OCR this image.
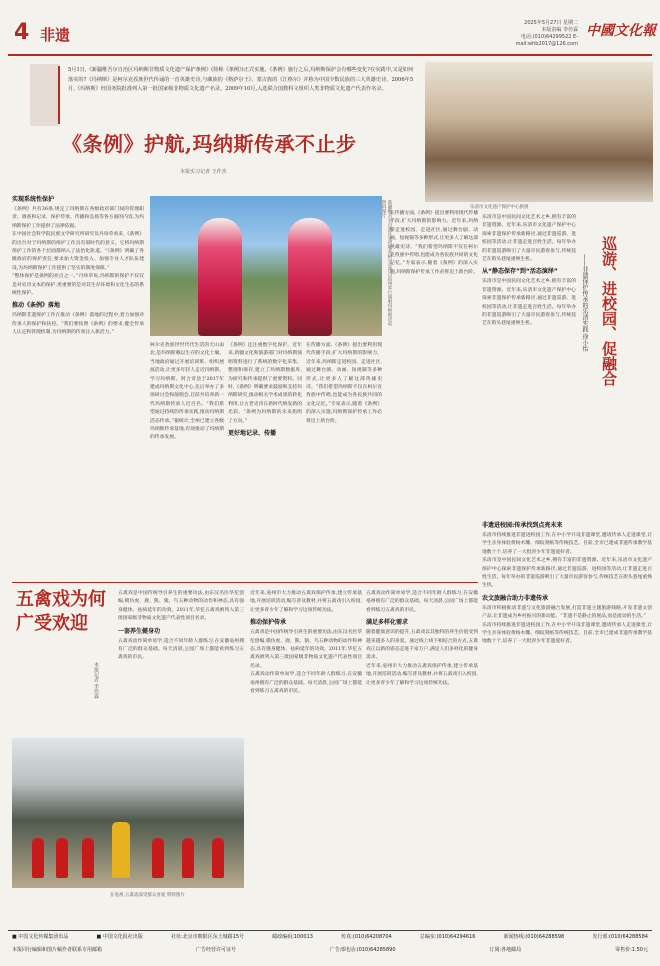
4 非遗
2025年5月27日 星期二
本版责编 李佳霖
电话:(010)64299522 E-mail:whb2017@126.com
中國文化報
5月1日,《新疆维吾尔自治区玛纳斯非物质文化遗产保护条例》(简称《条例》)正式实施。《条例》施行之后,玛纳斯保护会有哪些变化?在实践中,又是如何落实的?《玛纳斯》是柯尔克孜族世代传诵的一首英雄史诗,与藏族的《格萨尔王》、蒙古族的《江格尔》并称为中国少数民族的三大英雄史诗。2006年5月,《玛纳斯》经国务院批准列入第一批国家级非物质文化遗产名录。2009年10月,入选联合国教科文组织人类非物质文化遗产代表作名录。
乐清市文化遗产保护中心供图
《条例》护航,玛纳斯传承不止步
本报实习记者 王作杰
新疆维吾尔自治区克孜勒苏柯尔克孜自治州举行演唱玛纳斯活动 资料图片
实现系统性保护

《条例》共有36条,规定了玛纳斯在各级政府部门间的管理职责、调查和记录、保护传承、传播和弘扬等各方面的内容,为玛纳斯保护工作提供了法律依据。

在中国社会科学院民族文学研究所研究员丹珍草看来,《条例》的出台对于玛纳斯的保护工作具有划时代的意义。它将玛纳斯保护工作的各个层面都纳入了法治化轨道。“《条例》明确了各级政府的保护责任,要求加大资金投入、加强专业人才队伍建设,为玛纳斯保护工作提供了坚实的制度保障。”

“整体保护是条例的亮点之一。”丹珍草说,玛纳斯的保护不仅仅是对史诗文本的保护,更重要的是对其生存环境和文化生态的系统性保护。

推动《条例》落地

玛纳斯非遗保护工作在推动《条例》落地的过程中,着力加强对传承人的保护和扶持。“我们要按照《条例》的要求,健全传承人认定和管理机制,为玛纳斯的传承注入新活力。”

柯尔克孜族世世代代生活的天山南北,是玛纳斯赖以生存的文化土壤。当地政府通过开展培训班、组织展演活动,让更多年轻人走近玛纳斯、学习玛纳斯。阿合奇县于2017年建成玛纳斯文化中心,先后举办了多场研讨会和演唱会,目前共培养新一代玛纳斯传承人近百名。“我们希望通过持续的传承实践,推动玛纳斯活态传承。”据统计,全州已建立各级玛纳斯传承基地,有效推动了玛纳斯的传承发展。

《条例》还注重数字化保护。近年来,新疆文化和旅游部门对玛纳斯演唱资料进行了系统的数字化采集、整理和保存,建立了玛纳斯数据库,为研究和传承提供了重要资料。同时,《条例》明确要求鼓励和支持玛纳斯研究,推动相关学术成果的转化利用,让古老史诗在新时代焕发新的光彩。“条例为玛纳斯的未来指明了方向。”

更好地记录、传播
在传播方面,《条例》提出要利用现代传播手段,扩大玛纳斯的影响力。近年来,玛纳斯走进校园、走进社区,通过舞台剧、动画、短视频等多种形式,让更多人了解这部英雄史诗。“我们希望玛纳斯不仅在柯尔克孜族中传唱,也能成为各民族共同的文化记忆。”专家表示,随着《条例》的深入实施,玛纳斯保护传承工作必将迈上新台阶。
在传播方面,《条例》提出要利用现代传播手段,扩大玛纳斯的影响力。近年来,玛纳斯走进校园、走进社区,通过舞台剧、动画、短视频等多种形式,让更多人了解这部英雄史诗。“我们希望玛纳斯不仅在柯尔克孜族中传唱,也能成为各民族共同的文化记忆。”专家表示,随着《条例》的深入实施,玛纳斯保护传承工作必将迈上新台阶。

乐清市是中国民间文化艺术之乡,拥有丰富的非遗资源。近年来,乐清市文化遗产保护中心探索非遗保护传承新路径,通过非遗巡游、进校园等活动,让非遗走进百姓生活。每年举办的非遗巡游吸引了大量市民游客参与,传统技艺在街头巷尾重焕生机。

从“静态保存”到“活态演绎”

乐清市是中国民间文化艺术之乡,拥有丰富的非遗资源。近年来,乐清市文化遗产保护中心探索非遗保护传承新路径,通过非遗巡游、进校园等活动,让非遗走进百姓生活。每年举办的非遗巡游吸引了大量市民游客参与,传统技艺在街头巷尾重焕生机。	巡游、进校园、促融合
——非遗保护传承的乐清实践 徐小怡
非遗进校园:传承找到点亮未来

乐清市持续推进非遗进校园工作,在中小学开设非遗课堂,邀请传承人走进课堂,让学生亲身体验黄杨木雕、细纹刻纸等传统技艺。目前,全市已建成非遗传承教学基地数十个,培养了一大批青少年非遗爱好者。

乐清市是中国民间文化艺术之乡,拥有丰富的非遗资源。近年来,乐清市文化遗产保护中心探索非遗保护传承新路径,通过非遗巡游、进校园等活动,让非遗走进百姓生活。每年举办的非遗巡游吸引了大量市民游客参与,传统技艺在街头巷尾重焕生机。

农文旅融合助力非遗传承

乐清市积极推动非遗与文化旅游融合发展,打造非遗主题旅游线路,开发非遗文创产品,让非遗成为乡村振兴的新动能。“非遗不是静止的展品,而是流动的生活。”

乐清市持续推进非遗进校园工作,在中小学开设非遗课堂,邀请传承人走进课堂,让学生亲身体验黄杨木雕、细纹刻纸等传统技艺。目前,全市已建成非遗传承教学基地数十个,培养了一大批青少年非遗爱好者。

五禽戏为何广受欢迎
本报记者 李佳霖

五禽戏是中国传统导引养生的重要功法,由东汉名医华佗创编,模仿虎、鹿、熊、猿、鸟五种动物的动作和神态,具有强身健体、祛病延年的功效。2011年,华佗五禽戏被列入第三批国家级非物质文化遗产代表性项目名录。

一套养生健身功

五禽戏动作简单易学,适合不同年龄人群练习,在安徽亳州拥有广泛的群众基础。每天清晨,公园广场上都能看到练习五禽戏的市民。

近年来,亳州市大力推动五禽戏保护传承,建立传承基地,开展培训活动,编写普及教材,并将五禽戏引入校园,让更多青少年了解和学习这项传统功法。

推动保护传承

五禽戏是中国传统导引养生的重要功法,由东汉名医华佗创编,模仿虎、鹿、熊、猿、鸟五种动物的动作和神态,具有强身健体、祛病延年的功效。2011年,华佗五禽戏被列入第三批国家级非物质文化遗产代表性项目名录。

五禽戏动作简单易学,适合不同年龄人群练习,在安徽亳州拥有广泛的群众基础。每天清晨,公园广场上都能看到练习五禽戏的市民。

五禽戏动作简单易学,适合不同年龄人群练习,在安徽亳州拥有广泛的群众基础。每天清晨,公园广场上都能看到练习五禽戏的市民。

满足多样化需求

随着健康意识的提升,五禽戏以其独特的养生价值受到越来越多人的喜爱。通过线上线下相结合的方式,五禽戏正以新的姿态走进千家万户,满足人们多样化的健身需求。

近年来,亳州市大力推动五禽戏保护传承,建立传承基地,开展培训活动,编写普及教材,并将五禽戏引入校园,让更多青少年了解和学习这项传统功法。

在亳州,五禽戏深受群众喜爱 资料图片
■ 中国文化传媒集团出品	■ 中国文化报社出版	社址:北京市朝阳区东土城路15号	邮政编码:100013	传真:(010)64208704	总编室:(010)64294616	新闻热线:(010)64288598	发行部:(010)64288584
本报同行编辑和图片稿作者联系专用邮箱	广告经营许可证号	广告部电话:(010)64285890	订阅:各地邮局	零售价:1.50元
